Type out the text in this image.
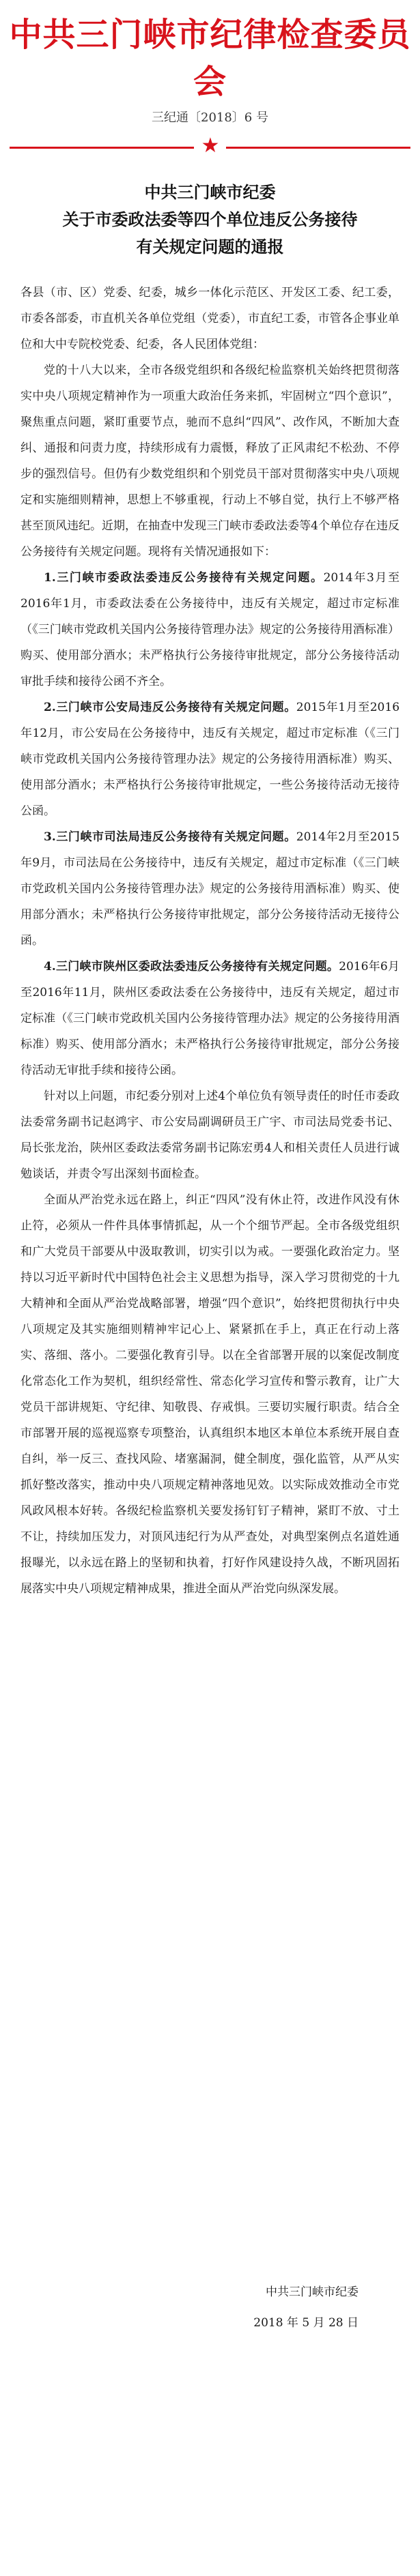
中共三门峡市纪律检查委员会
三纪通〔2018〕6 号
★
中共三门峡市纪委
关于市委政法委等四个单位违反公务接待
有关规定问题的通报

各县（市、区）党委、纪委，城乡一体化示范区、开发区工委、纪工委，市委各部委，市直机关各单位党组（党委），市直纪工委，市管各企事业单位和大中专院校党委、纪委，各人民团体党组：

党的十八大以来，全市各级党组织和各级纪检监察机关始终把贯彻落实中央八项规定精神作为一项重大政治任务来抓，牢固树立“四个意识”，聚焦重点问题，紧盯重要节点，驰而不息纠“四风”、改作风，不断加大查纠、通报和问责力度，持续形成有力震慑，释放了正风肃纪不松劲、不停步的强烈信号。但仍有少数党组织和个别党员干部对贯彻落实中央八项规定和实施细则精神，思想上不够重视，行动上不够自觉，执行上不够严格甚至顶风违纪。近期，在抽查中发现三门峡市委政法委等4个单位存在违反公务接待有关规定问题。现将有关情况通报如下：

1.三门峡市委政法委违反公务接待有关规定问题。2014年3月至2016年1月，市委政法委在公务接待中，违反有关规定，超过市定标准（《三门峡市党政机关国内公务接待管理办法》规定的公务接待用酒标准）购买、使用部分酒水；未严格执行公务接待审批规定，部分公务接待活动审批手续和接待公函不齐全。

2.三门峡市公安局违反公务接待有关规定问题。2015年1月至2016年12月，市公安局在公务接待中，违反有关规定，超过市定标准（《三门峡市党政机关国内公务接待管理办法》规定的公务接待用酒标准）购买、使用部分酒水；未严格执行公务接待审批规定，一些公务接待活动无接待公函。

3.三门峡市司法局违反公务接待有关规定问题。2014年2月至2015年9月，市司法局在公务接待中，违反有关规定，超过市定标准（《三门峡市党政机关国内公务接待管理办法》规定的公务接待用酒标准）购买、使用部分酒水；未严格执行公务接待审批规定，部分公务接待活动无接待公函。

4.三门峡市陕州区委政法委违反公务接待有关规定问题。2016年6月至2016年11月，陕州区委政法委在公务接待中，违反有关规定，超过市定标准（《三门峡市党政机关国内公务接待管理办法》规定的公务接待用酒标准）购买、使用部分酒水；未严格执行公务接待审批规定，部分公务接待活动无审批手续和接待公函。

针对以上问题，市纪委分别对上述4个单位负有领导责任的时任市委政法委常务副书记赵鸿宇、市公安局副调研员王广宇、市司法局党委书记、局长张龙治，陕州区委政法委常务副书记陈宏勇4人和相关责任人员进行诚勉谈话，并责令写出深刻书面检查。

全面从严治党永远在路上，纠正“四风”没有休止符，改进作风没有休止符，必须从一件件具体事情抓起，从一个个细节严起。全市各级党组织和广大党员干部要从中汲取教训，切实引以为戒。一要强化政治定力。坚持以习近平新时代中国特色社会主义思想为指导，深入学习贯彻党的十九大精神和全面从严治党战略部署，增强“四个意识”，始终把贯彻执行中央八项规定及其实施细则精神牢记心上、紧紧抓在手上，真正在行动上落实、落细、落小。二要强化教育引导。以在全省部署开展的以案促改制度化常态化工作为契机，组织经常性、常态化学习宣传和警示教育，让广大党员干部讲规矩、守纪律、知敬畏、存戒惧。三要切实履行职责。结合全市部署开展的巡视巡察专项整治，认真组织本地区本单位本系统开展自查自纠，举一反三、查找风险、堵塞漏洞，健全制度，强化监管，从严从实抓好整改落实，推动中央八项规定精神落地见效。以实际成效推动全市党风政风根本好转。各级纪检监察机关要发扬钉钉子精神，紧盯不放、寸土不让，持续加压发力，对顶风违纪行为从严查处，对典型案例点名道姓通报曝光，以永远在路上的坚韧和执着，打好作风建设持久战，不断巩固拓展落实中央八项规定精神成果，推进全面从严治党向纵深发展。

中共三门峡市纪委
2018 年 5 月 28 日
